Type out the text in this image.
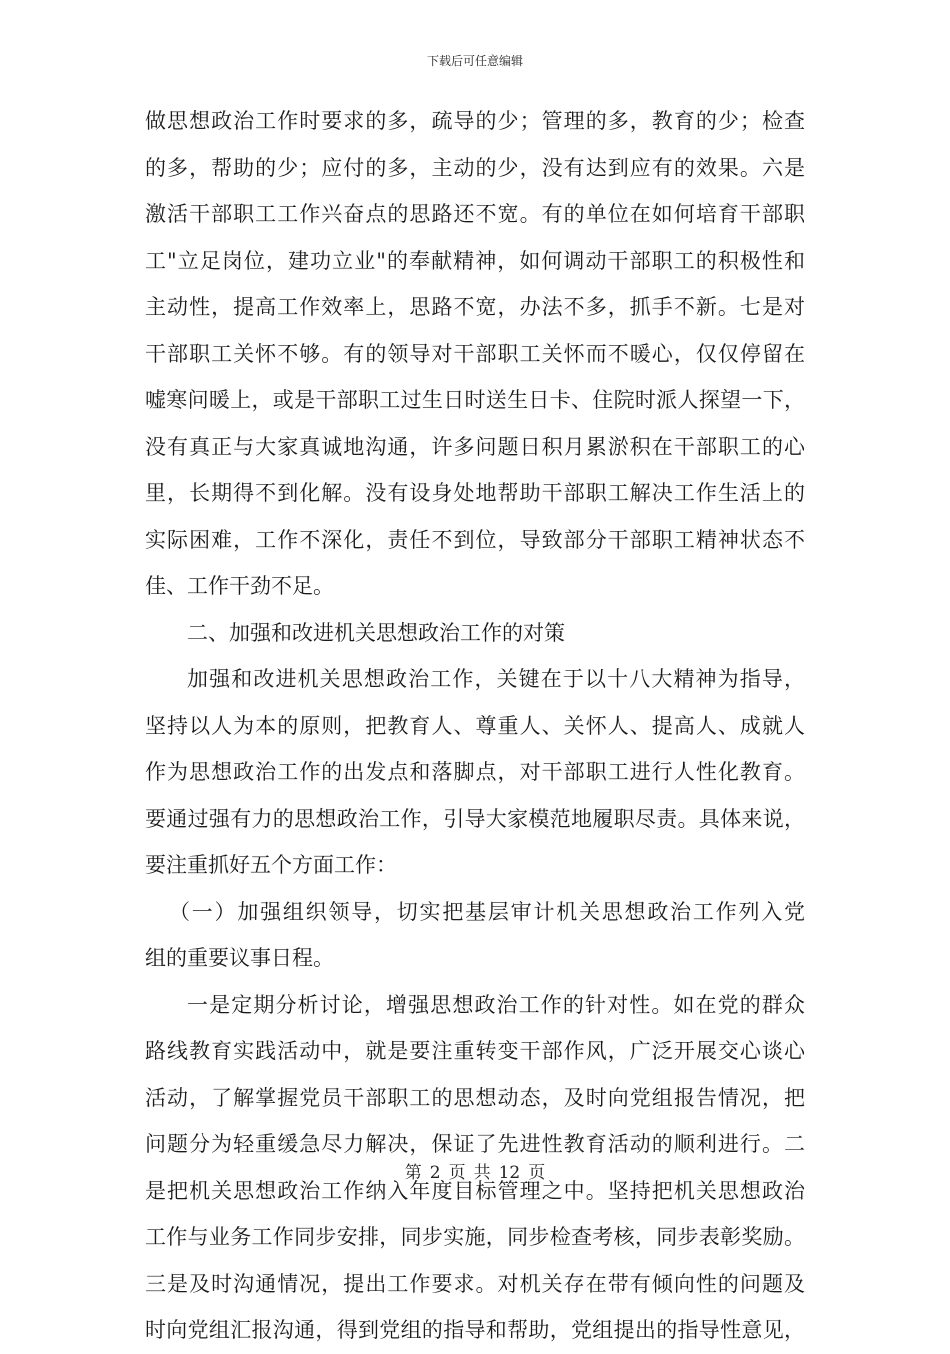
下载后可任意编辑
做思想政治工作时要求的多，疏导的少；管理的多，教育的少；检查
的多，帮助的少；应付的多，主动的少，没有达到应有的效果。六是
激活干部职工工作兴奋点的思路还不宽。有的单位在如何培育干部职
工"立足岗位，建功立业"的奉献精神，如何调动干部职工的积极性和
主动性，提高工作效率上，思路不宽，办法不多，抓手不新。七是对
干部职工关怀不够。有的领导对干部职工关怀而不暖心，仅仅停留在
嘘寒问暖上，或是干部职工过生日时送生日卡、住院时派人探望一下，
没有真正与大家真诚地沟通，许多问题日积月累淤积在干部职工的心
里，长期得不到化解。没有设身处地帮助干部职工解决工作生活上的
实际困难，工作不深化，责任不到位，导致部分干部职工精神状态不
佳、工作干劲不足。
二、加强和改进机关思想政治工作的对策
加强和改进机关思想政治工作，关键在于以十八大精神为指导，
坚持以人为本的原则，把教育人、尊重人、关怀人、提高人、成就人
作为思想政治工作的出发点和落脚点，对干部职工进行人性化教育。
要通过强有力的思想政治工作，引导大家模范地履职尽责。具体来说，
要注重抓好五个方面工作：
（一）加强组织领导，切实把基层审计机关思想政治工作列入党
组的重要议事日程。
一是定期分析讨论，增强思想政治工作的针对性。如在党的群众
路线教育实践活动中，就是要注重转变干部作风，广泛开展交心谈心
活动，了解掌握党员干部职工的思想动态，及时向党组报告情况，把
问题分为轻重缓急尽力解决，保证了先进性教育活动的顺利进行。二
是把机关思想政治工作纳入年度目标管理之中。坚持把机关思想政治
工作与业务工作同步安排，同步实施，同步检查考核，同步表彰奖励。
三是及时沟通情况，提出工作要求。对机关存在带有倾向性的问题及
时向党组汇报沟通，得到党组的指导和帮助，党组提出的指导性意见，
第 2 页 共 12 页
